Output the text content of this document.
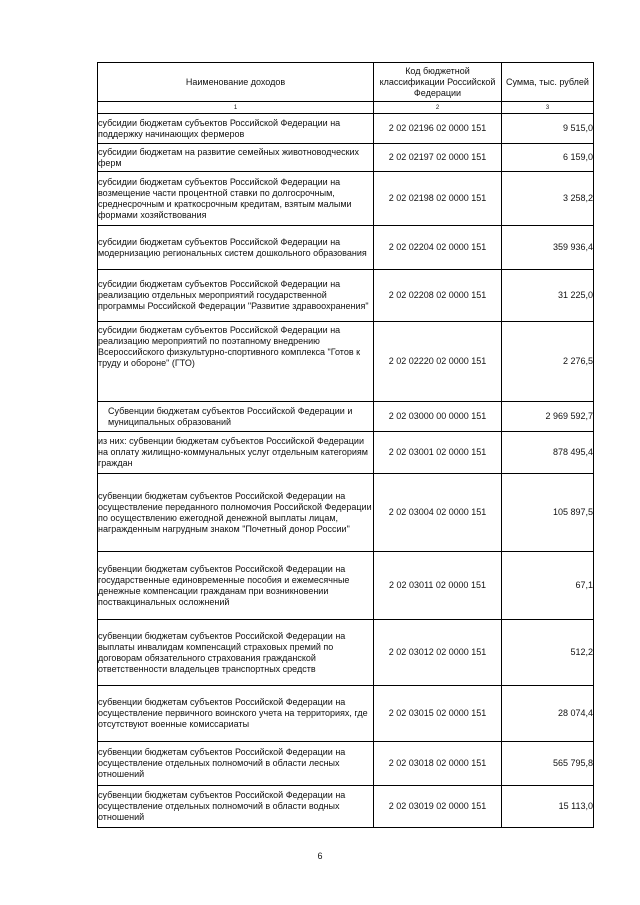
Наименование доходов	Код бюджетной классификации Российской Федерации	Сумма, тыс. рублей
1	2	3
субсидии бюджетам субъектов Российской Федерации на поддержку начинающих фермеров	2 02 02196 02 0000 151	9 515,0
субсидии бюджетам на развитие семейных животноводческих ферм	2 02 02197 02 0000 151	6 159,0
субсидии бюджетам субъектов Российской Федерации на возмещение части процентной ставки по долгосрочным, среднесрочным и краткосрочным кредитам, взятым малыми формами хозяйствования	2 02 02198 02 0000 151	3 258,2
субсидии бюджетам субъектов Российской Федерации на модернизацию региональных систем дошкольного образования	2 02 02204 02 0000 151	359 936,4
субсидии бюджетам субъектов Российской Федерации на реализацию отдельных мероприятий государственной программы Российской Федерации "Развитие здравоохранения"	2 02 02208 02 0000 151	31 225,0
субсидии бюджетам субъектов Российской Федерации на реализацию мероприятий по поэтапному внедрению Всероссийского физкультурно-спортивного комплекса "Готов к труду и обороне" (ГТО)	2 02 02220 02 0000 151	2 276,5
Субвенции бюджетам субъектов Российской Федерации и муниципальных образований	2 02 03000 00 0000 151	2 969 592,7
из них: субвенции бюджетам субъектов Российской Федерации на оплату жилищно-коммунальных услуг отдельным категориям граждан	2 02 03001 02 0000 151	878 495,4
субвенции бюджетам субъектов Российской Федерации на осуществление переданного полномочия Российской Федерации по осуществлению ежегодной денежной выплаты лицам, награжденным нагрудным знаком "Почетный донор России"	2 02 03004 02 0000 151	105 897,5
субвенции бюджетам субъектов Российской Федерации на государственные единовременные пособия и ежемесячные денежные компенсации гражданам при возникновении поствакцинальных осложнений	2 02 03011 02 0000 151	67,1
субвенции бюджетам субъектов Российской Федерации на выплаты инвалидам компенсаций страховых премий по договорам обязательного страхования гражданской ответственности владельцев транспортных средств	2 02 03012 02 0000 151	512,2
субвенции бюджетам субъектов Российской Федерации на осуществление первичного воинского учета на территориях, где отсутствуют военные комиссариаты	2 02 03015 02 0000 151	28 074,4
субвенции бюджетам субъектов Российской Федерации на осуществление отдельных полномочий в области лесных отношений	2 02 03018 02 0000 151	565 795,8
субвенции бюджетам субъектов Российской Федерации на осуществление отдельных полномочий в области водных отношений	2 02 03019 02 0000 151	15 113,0
6
